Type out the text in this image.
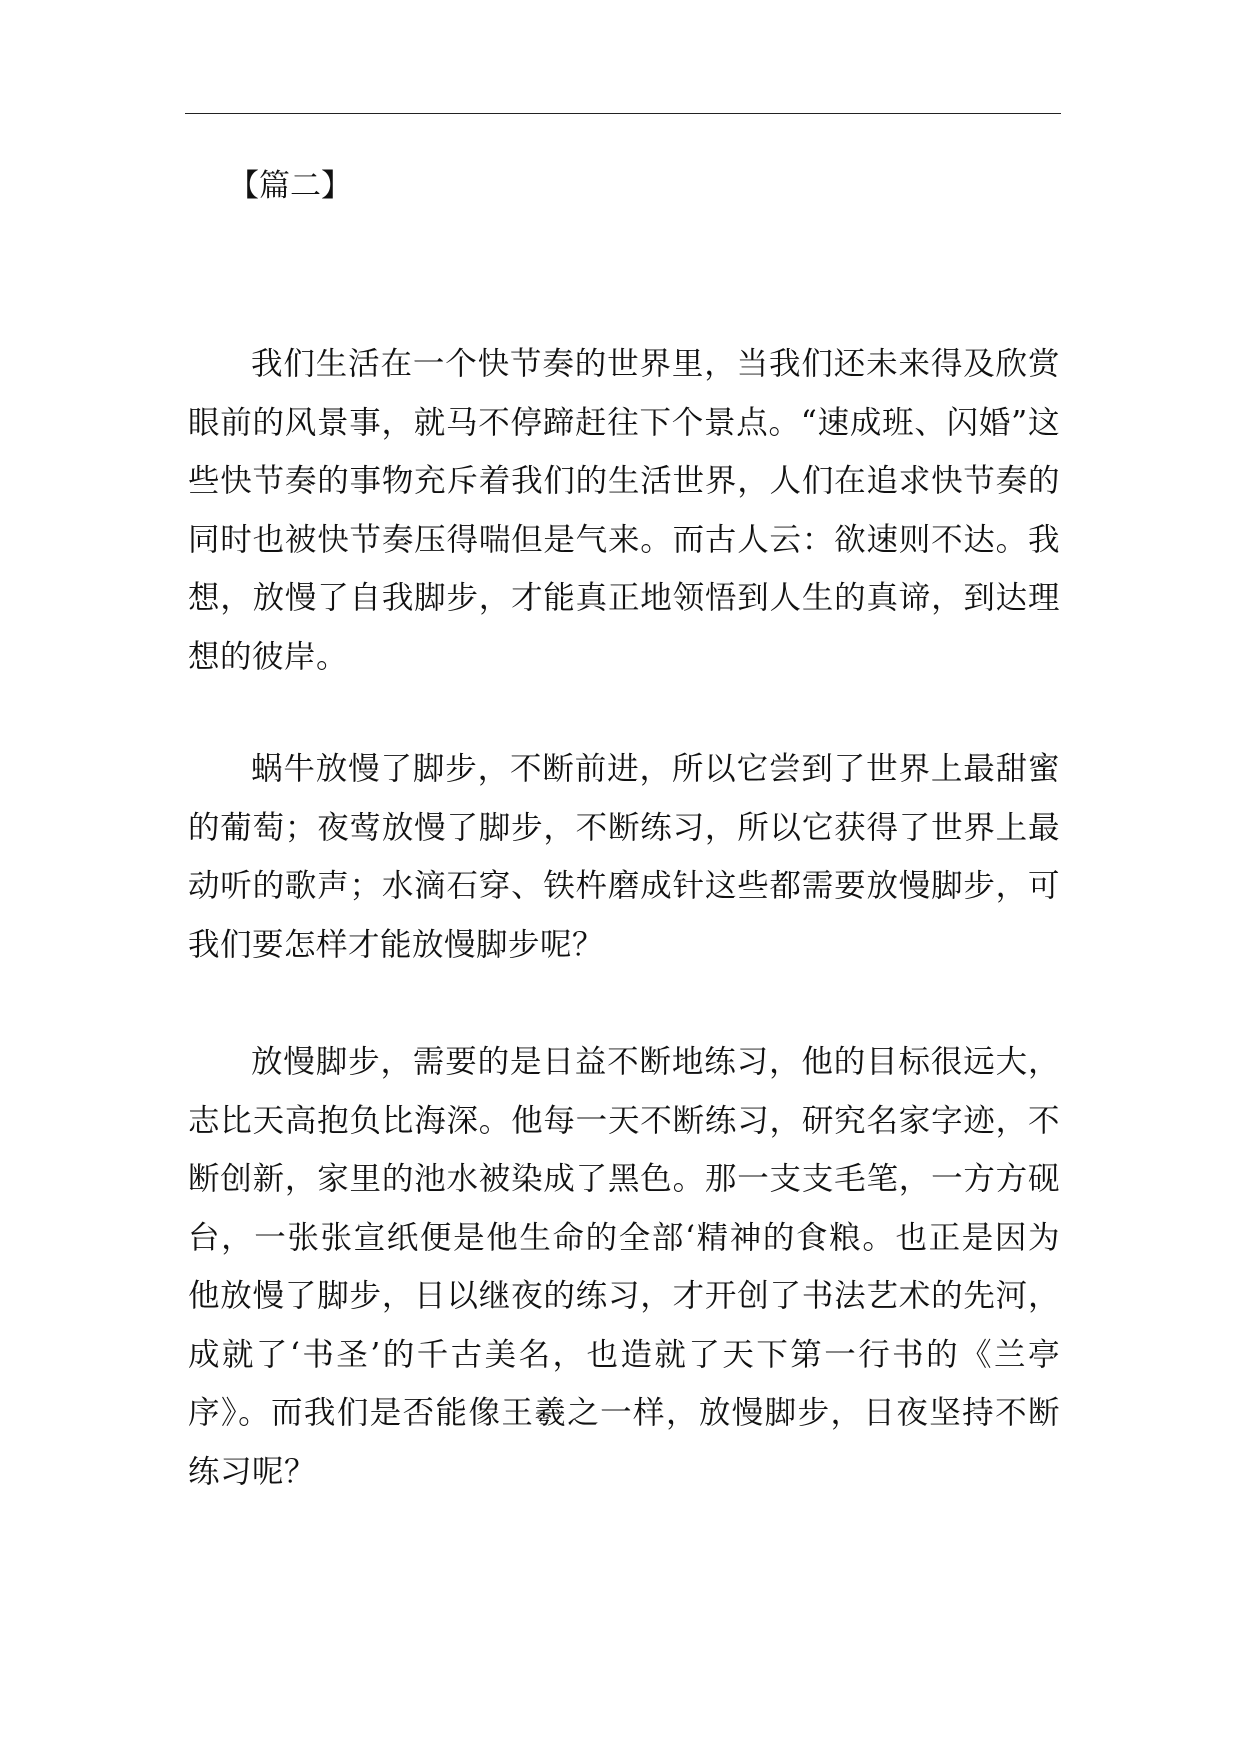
【篇二】

我们生活在一个快节奏的世界里，当我们还未来得及欣赏眼前的风景事，就马不停蹄赶往下个景点。“速成班、闪婚”这些快节奏的事物充斥着我们的生活世界，人们在追求快节奏的同时也被快节奏压得喘但是气来。而古人云：欲速则不达。我想，放慢了自我脚步，才能真正地领悟到人生的真谛，到达理想的彼岸。

蜗牛放慢了脚步，不断前进，所以它尝到了世界上最甜蜜的葡萄；夜莺放慢了脚步，不断练习，所以它获得了世界上最动听的歌声；水滴石穿、铁杵磨成针这些都需要放慢脚步，可我们要怎样才能放慢脚步呢？

放慢脚步，需要的是日益不断地练习，他的目标很远大，志比天高抱负比海深。他每一天不断练习，研究名家字迹，不断创新，家里的池水被染成了黑色。那一支支毛笔，一方方砚台，一张张宣纸便是他生命的全部‘精神的食粮。也正是因为他放慢了脚步，日以继夜的练习，才开创了书法艺术的先河，成就了‘书圣’的千古美名，也造就了天下第一行书的《兰亭序》。而我们是否能像王羲之一样，放慢脚步，日夜坚持不断练习呢？
